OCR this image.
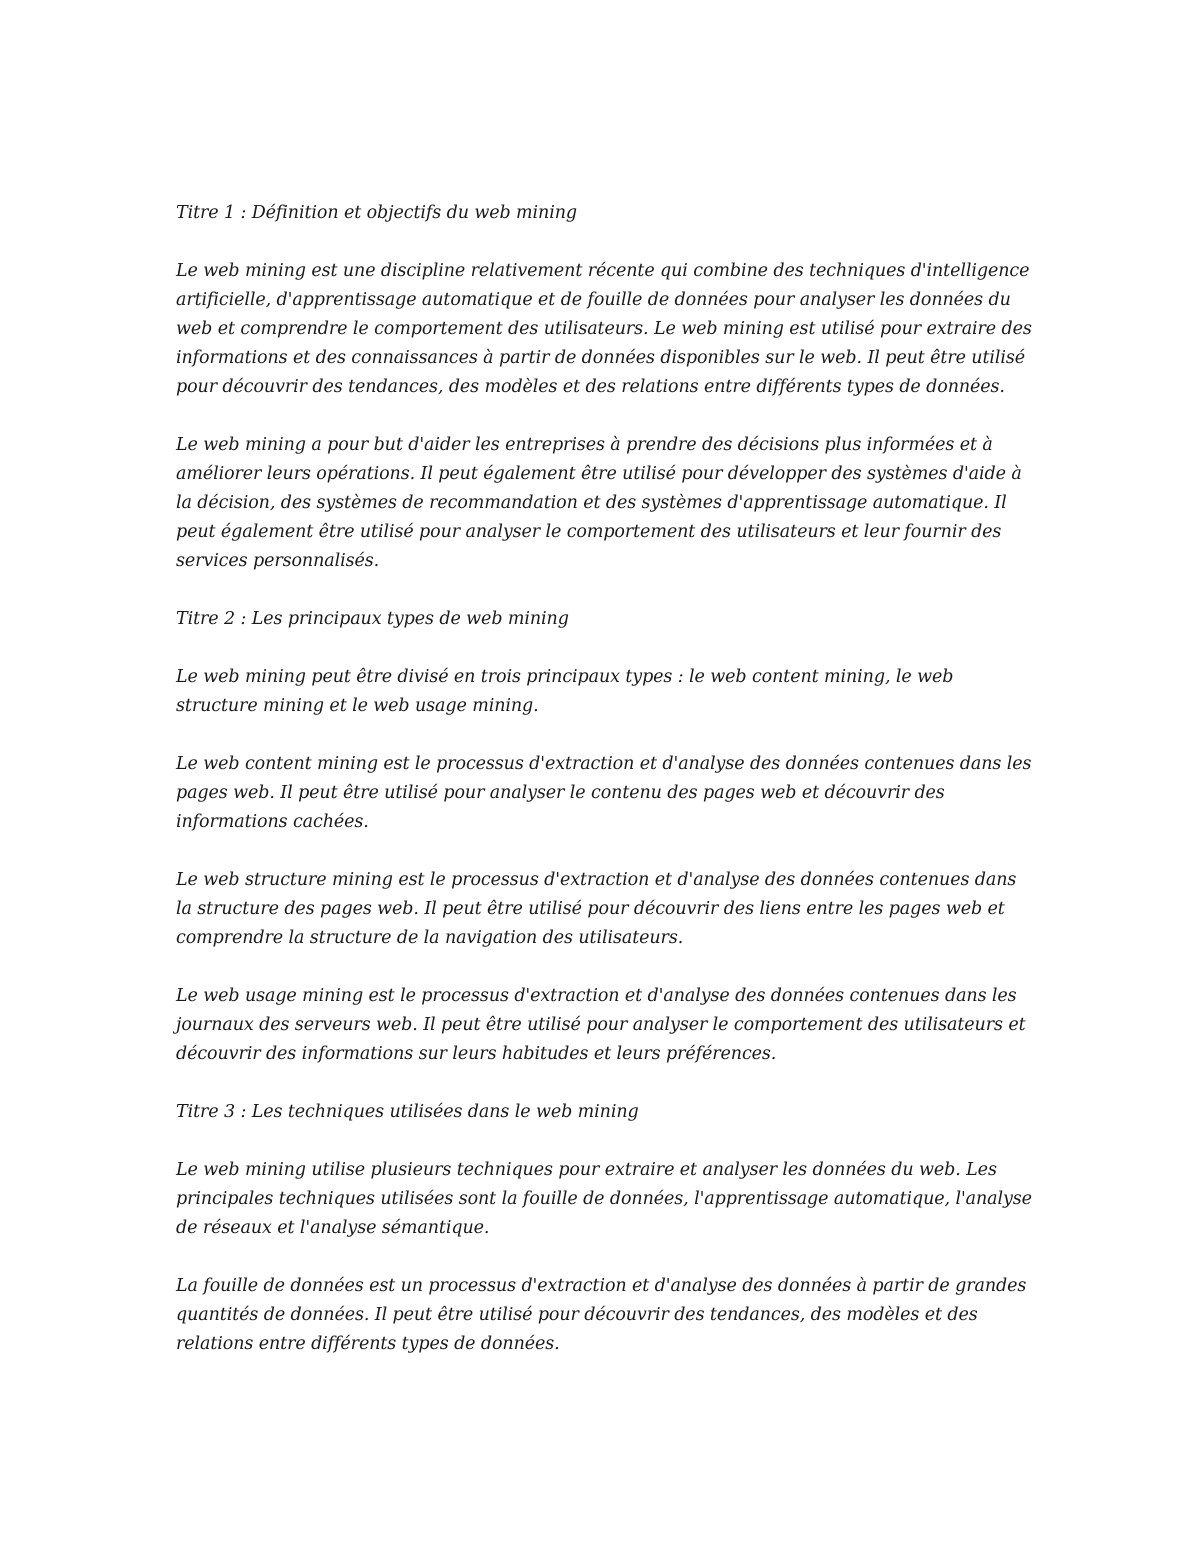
Titre 1 : Définition et objectifs du web mining

Le web mining est une discipline relativement récente qui combine des techniques d'intelligence artificielle, d'apprentissage automatique et de fouille de données pour analyser les données du web et comprendre le comportement des utilisateurs. Le web mining est utilisé pour extraire des informations et des connaissances à partir de données disponibles sur le web. Il peut être utilisé pour découvrir des tendances, des modèles et des relations entre différents types de données.

Le web mining a pour but d'aider les entreprises à prendre des décisions plus informées et à améliorer leurs opérations. Il peut également être utilisé pour développer des systèmes d'aide à la décision, des systèmes de recommandation et des systèmes d'apprentissage automatique. Il peut également être utilisé pour analyser le comportement des utilisateurs et leur fournir des services personnalisés.

Titre 2 : Les principaux types de web mining

Le web mining peut être divisé en trois principaux types : le web content mining, le web structure mining et le web usage mining.

Le web content mining est le processus d'extraction et d'analyse des données contenues dans les pages web. Il peut être utilisé pour analyser le contenu des pages web et découvrir des informations cachées.

Le web structure mining est le processus d'extraction et d'analyse des données contenues dans la structure des pages web. Il peut être utilisé pour découvrir des liens entre les pages web et comprendre la structure de la navigation des utilisateurs.

Le web usage mining est le processus d'extraction et d'analyse des données contenues dans les journaux des serveurs web. Il peut être utilisé pour analyser le comportement des utilisateurs et découvrir des informations sur leurs habitudes et leurs préférences.

Titre 3 : Les techniques utilisées dans le web mining

Le web mining utilise plusieurs techniques pour extraire et analyser les données du web. Les principales techniques utilisées sont la fouille de données, l'apprentissage automatique, l'analyse de réseaux et l'analyse sémantique.

La fouille de données est un processus d'extraction et d'analyse des données à partir de grandes quantités de données. Il peut être utilisé pour découvrir des tendances, des modèles et des relations entre différents types de données.
